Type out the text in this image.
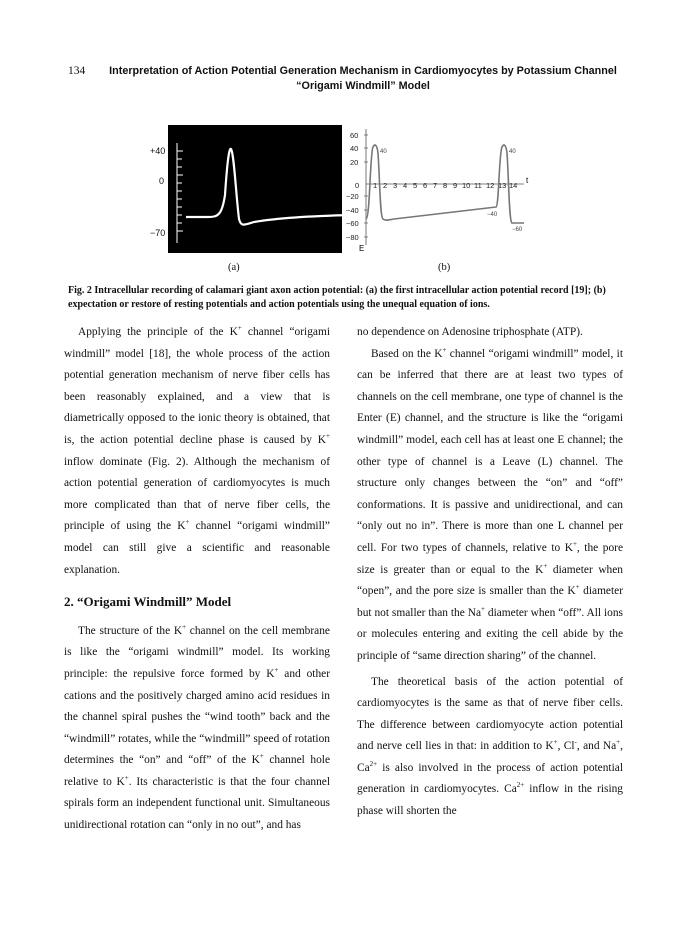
134	Interpretation of Action Potential Generation Mechanism in Cardiomyocytes by Potassium Channel “Origami Windmill” Model
+40
0
−70
60
40
20
0
−20
−40
−60
−80
1 2 3 4 5 6 7 8 9 10 11 12 13 14
t
E
40	40
−40
−60
(a)	(b)
Fig. 2 Intracellular recording of calamari giant axon action potential: (a) the first intracellular action potential record [19]; (b) expectation or restore of resting potentials and action potentials using the unequal equation of ions.

Applying the principle of the K+ channel “origami windmill” model [18], the whole process of the action potential generation mechanism of nerve fiber cells has been reasonably explained, and a view that is diametrically opposed to the ionic theory is obtained, that is, the action potential decline phase is caused by K+ inflow dominate (Fig. 2). Although the mechanism of action potential generation of cardiomyocytes is much more complicated than that of nerve fiber cells, the principle of using the K+ channel “origami windmill” model can still give a scientific and reasonable explanation.

2. “Origami Windmill” Model

The structure of the K+ channel on the cell membrane is like the “origami windmill” model. Its working principle: the repulsive force formed by K+ and other cations and the positively charged amino acid residues in the channel spiral pushes the “wind tooth” back and the “windmill” rotates, while the “windmill” speed of rotation determines the “on” and “off” of the K+ channel hole relative to K+. Its characteristic is that the four channel spirals form an independent functional unit. Simultaneous unidirectional rotation can “only in no out”, and has

no dependence on Adenosine triphosphate (ATP).

Based on the K+ channel “origami windmill” model, it can be inferred that there are at least two types of channels on the cell membrane, one type of channel is the Enter (E) channel, and the structure is like the “origami windmill” model, each cell has at least one E channel; the other type of channel is a Leave (L) channel. The structure only changes between the “on” and “off” conformations. It is passive and unidirectional, and can “only out no in”. There is more than one L channel per cell. For two types of channels, relative to K+, the pore size is greater than or equal to the K+ diameter when “open”, and the pore size is smaller than the K+ diameter but not smaller than the Na+ diameter when “off”. All ions or molecules entering and exiting the cell abide by the principle of “same direction sharing” of the channel.

The theoretical basis of the action potential of cardiomyocytes is the same as that of nerve fiber cells. The difference between cardiomyocyte action potential and nerve cell lies in that: in addition to K+, Cl-, and Na+, $Ca^{2+}$ is also involved in the process of action potential generation in cardiomyocytes. $Ca^{2+}$ inflow in the rising phase will shorten the
